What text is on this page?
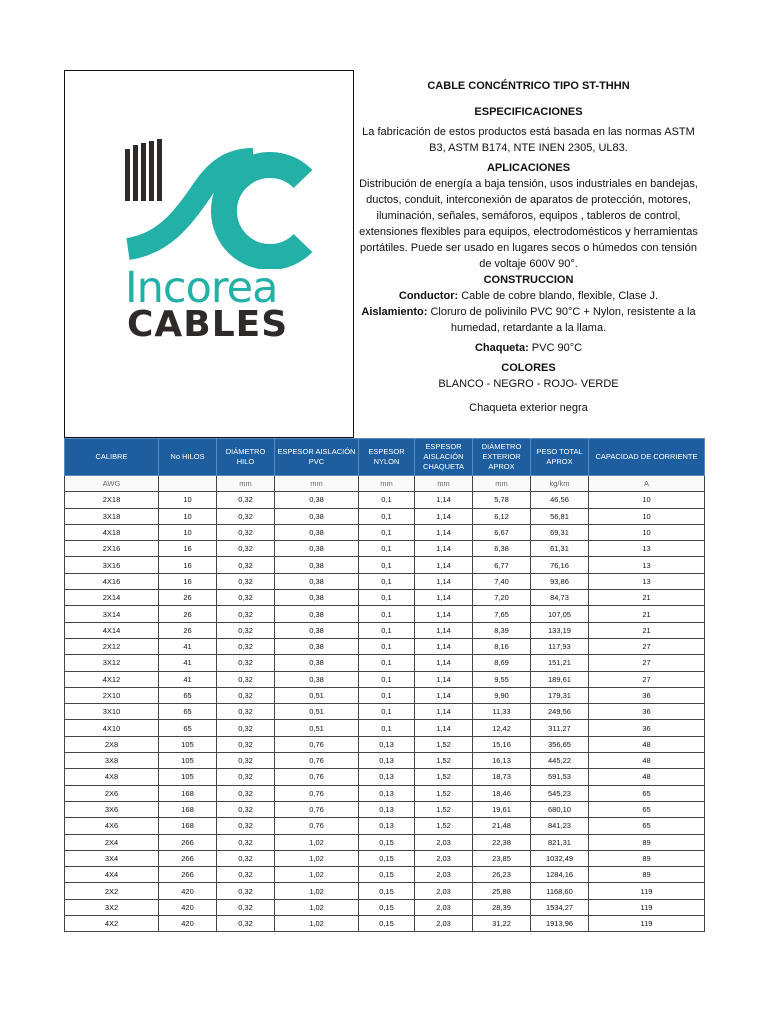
Incorea
CABLES

CABLE CONCÉNTRICO TIPO ST-THHN

ESPECIFICACIONES

La fabricación de estos productos está basada en las normas ASTM B3, ASTM B174, NTE INEN 2305, UL83.

APLICACIONES

Distribución de energía a baja tensión, usos industriales en bandejas, ductos, conduit, interconexión de aparatos de protección, motores, iluminación, señales, semáforos, equipos , tableros de control, extensiones flexibles para equipos, electrodomésticos y herramientas portátiles. Puede ser usado en lugares secos o húmedos con tensión de voltaje 600V 90°.

CONSTRUCCION

Conductor: Cable de cobre blando, flexible, Clase J.

Aislamiento: Cloruro de polivinilo PVC 90°C + Nylon, resistente a la humedad, retardante a la llama.

Chaqueta: PVC 90°C

COLORES

BLANCO - NEGRO - ROJO- VERDE

Chaqueta exterior negra

CALIBRE	No HILOS	DIÁMETRO HILO	ESPESOR AISLACIÓN PVC	ESPESOR NYLON	ESPESOR AISLACIÓN CHAQUETA	DIÁMETRO EXTERIOR APROX	PESO TOTAL APROX	CAPACIDAD DE CORRIENTE
AWG		mm	mm	mm	mm	mm	kg/km	A
2X18	10	0,32	0,38	0,1	1,14	5,78	46,56	10
3X18	10	0,32	0,38	0,1	1,14	6,12	56,81	10
4X18	10	0,32	0,38	0,1	1,14	6,67	69,31	10
2X16	16	0,32	0,38	0,1	1,14	6,38	61,31	13
3X16	16	0,32	0,38	0,1	1,14	6,77	76,16	13
4X16	16	0,32	0,38	0,1	1,14	7,40	93,86	13
2X14	26	0,32	0,38	0,1	1,14	7,20	84,73	21
3X14	26	0,32	0,38	0,1	1,14	7,65	107,05	21
4X14	26	0,32	0,38	0,1	1,14	8,39	133,19	21
2X12	41	0,32	0,38	0,1	1,14	8,16	117,93	27
3X12	41	0,32	0,38	0,1	1,14	8,69	151,21	27
4X12	41	0,32	0,38	0,1	1,14	9,55	189,61	27
2X10	65	0,32	0,51	0,1	1,14	9,90	179,31	36
3X10	65	0,32	0,51	0,1	1,14	11,33	249,56	36
4X10	65	0,32	0,51	0,1	1,14	12,42	311,27	36
2X8	105	0,32	0,76	0,13	1,52	15,16	356,65	48
3X8	105	0,32	0,76	0,13	1,52	16,13	445,22	48
4X8	105	0,32	0,76	0,13	1,52	18,73	591,53	48
2X6	168	0,32	0,76	0,13	1,52	18,46	545,23	65
3X6	168	0,32	0,76	0,13	1,52	19,61	680,10	65
4X6	168	0,32	0,76	0,13	1,52	21,48	841,23	65
2X4	266	0,32	1,02	0,15	2,03	22,38	821,31	89
3X4	266	0,32	1,02	0,15	2,03	23,85	1032,49	89
4X4	266	0,32	1,02	0,15	2,03	26,23	1284,16	89
2X2	420	0,32	1,02	0,15	2,03	25,88	1168,60	119
3X2	420	0,32	1,02	0,15	2,03	28,39	1534,27	119
4X2	420	0,32	1,02	0,15	2,03	31,22	1913,96	119
